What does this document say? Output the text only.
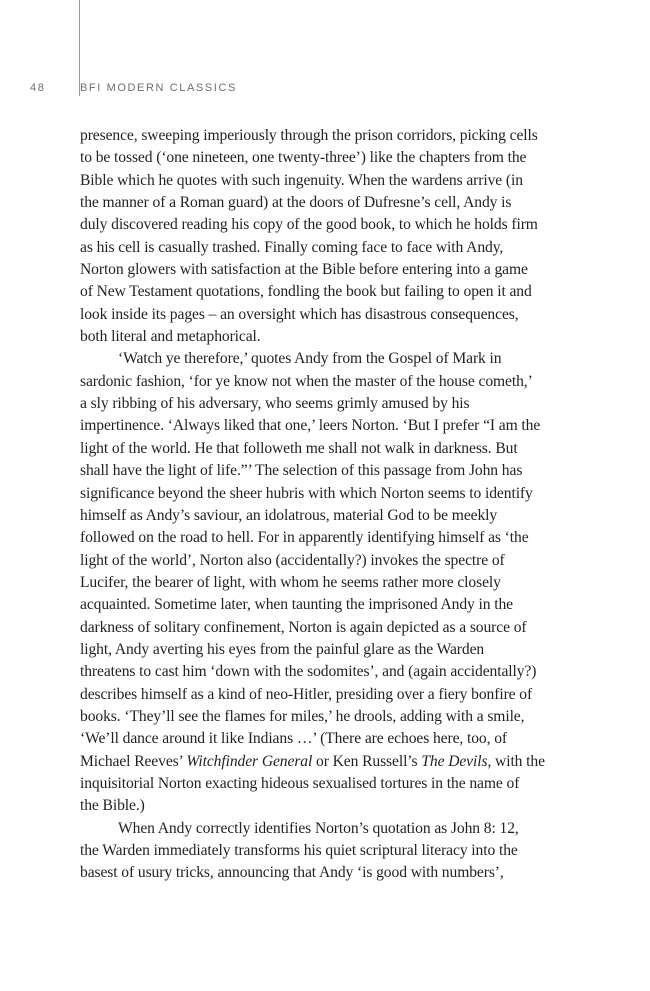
48	BFI MODERN CLASSICS
presence, sweeping imperiously through the prison corridors, picking cells
to be tossed (‘one nineteen, one twenty-three’) like the chapters from the
Bible which he quotes with such ingenuity. When the wardens arrive (in
the manner of a Roman guard) at the doors of Dufresne’s cell, Andy is
duly discovered reading his copy of the good book, to which he holds firm
as his cell is casually trashed. Finally coming face to face with Andy,
Norton glowers with satisfaction at the Bible before entering into a game
of New Testament quotations, fondling the book but failing to open it and
look inside its pages – an oversight which has disastrous consequences,
both literal and metaphorical.
‘Watch ye therefore,’ quotes Andy from the Gospel of Mark in
sardonic fashion, ‘for ye know not when the master of the house cometh,’
a sly ribbing of his adversary, who seems grimly amused by his
impertinence. ‘Always liked that one,’ leers Norton. ‘But I prefer “I am the
light of the world. He that followeth me shall not walk in darkness. But
shall have the light of life.”’ The selection of this passage from John has
significance beyond the sheer hubris with which Norton seems to identify
himself as Andy’s saviour, an idolatrous, material God to be meekly
followed on the road to hell. For in apparently identifying himself as ‘the
light of the world’, Norton also (accidentally?) invokes the spectre of
Lucifer, the bearer of light, with whom he seems rather more closely
acquainted. Sometime later, when taunting the imprisoned Andy in the
darkness of solitary confinement, Norton is again depicted as a source of
light, Andy averting his eyes from the painful glare as the Warden
threatens to cast him ‘down with the sodomites’, and (again accidentally?)
describes himself as a kind of neo-Hitler, presiding over a fiery bonfire of
books. ‘They’ll see the flames for miles,’ he drools, adding with a smile,
‘We’ll dance around it like Indians …’ (There are echoes here, too, of
Michael Reeves’ Witchfinder General or Ken Russell’s The Devils, with the
inquisitorial Norton exacting hideous sexualised tortures in the name of
the Bible.)
When Andy correctly identifies Norton’s quotation as John 8: 12,
the Warden immediately transforms his quiet scriptural literacy into the
basest of usury tricks, announcing that Andy ‘is good with numbers’,
